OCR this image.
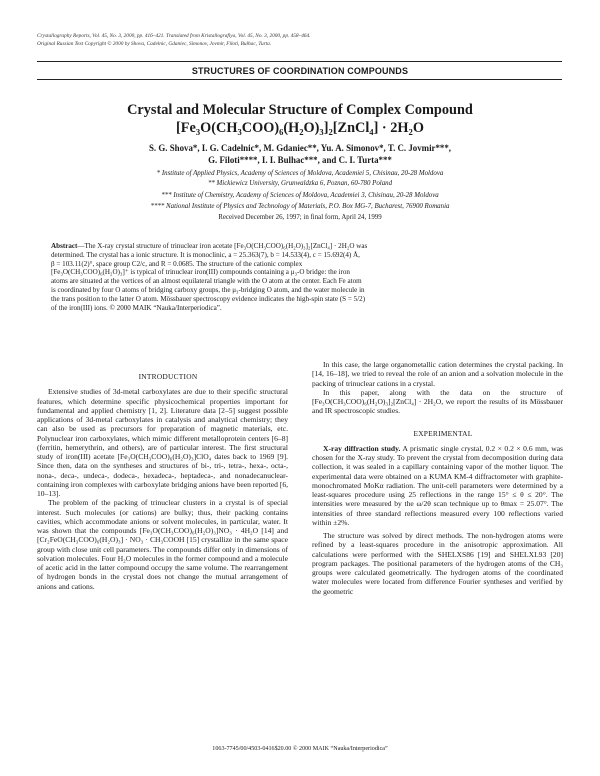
Crystallography Reports, Vol. 45, No. 3, 2000, pp. 416–421. Translated from Kristallografiya, Vol. 45, No. 3, 2000, pp. 458–464.
Original Russian Text Copyright © 2000 by Shova, Cadelnic, Gdaniec, Simonov, Jovmir, Filoti, Bulhac, Turta.
STRUCTURES OF COORDINATION COMPOUNDS
Crystal and Molecular Structure of Complex Compound
[Fe₃O(CH₃COO)₆(H₂O)₃]₂[ZnCl₄] · 2H₂O
S. G. Shova*, I. G. Cadelnic*, M. Gdaniec**, Yu. A. Simonov*, T. C. Jovmir***,
G. Filoti****, I. I. Bulhac***, and C. I. Turta***
* Institute of Applied Physics, Academy of Sciences of Moldova, Academiei 5, Chisinau, 20-28 Moldova
** Mickiewicz University, Grunwaldzka 6, Poznan, 60-780 Poland
*** Institute of Chemistry, Academy of Sciences of Moldova, Academiei 3, Chisinau, 20-28 Moldova
**** National Institute of Physics and Technology of Materials, P.O. Box MG-7, Bucharest, 76900 Romania
Received December 26, 1997; in final form, April 24, 1999
Abstract—The X-ray crystal structure of trinuclear iron acetate [Fe₃O(CH₃COO)₆(H₂O)₃]₂[ZnCl₄] · 2H₂O was
determined. The crystal has a ionic structure. It is monoclinic, a = 25.363(7), b = 14.533(4), c = 15.692(4) Å,
β = 103.11(2)°, space group C2/c, and R = 0.0685. The structure of the cationic complex
[Fe₃O(CH₃COO)₆(H₂O)₃]⁺ is typical of trinuclear iron(III) compounds containing a μ₃-O bridge: the iron
atoms are situated at the vertices of an almost equilateral triangle with the O atom at the center. Each Fe atom
is coordinated by four O atoms of bridging carboxy groups, the μ₃-bridging O atom, and the water molecule in
the trans position to the latter O atom. Mössbauer spectroscopy evidence indicates the high-spin state (S = 5/2)
of the iron(III) ions. © 2000 MAIK “Nauka/Interperiodica”.

INTRODUCTION

Extensive studies of 3d-metal carboxylates are due to their specific structural features, which determine specific physicochemical properties important for fundamental and applied chemistry [1, 2]. Literature data [2–5] suggest possible applications of 3d-metal carboxylates in catalysis and analytical chemistry; they can also be used as precursors for preparation of magnetic materials, etc. Polynuclear iron carboxylates, which mimic different metalloprotein centers [6–8] (ferritin, hemerythrin, and others), are of particular interest. The first structural study of iron(III) acetate [Fe₃O(CH₃COO)₆(H₂O)₃]ClO₄ dates back to 1969 [9]. Since then, data on the syntheses and structures of bi-, tri-, tetra-, hexa-, octa-, nona-, deca-, undeca-, dodeca-, hexadeca-, heptadeca-, and nonadecanuclear-containing iron complexes with carboxylate bridging anions have been reported [6, 10–13].

The problem of the packing of trinuclear clusters in a crystal is of special interest. Such molecules (or cations) are bulky; thus, their packing contains cavities, which accommodate anions or solvent molecules, in particular, water. It was shown that the compounds [Fe₃O(CH₃COO)₆(H₂O)₃]NO₃ · 4H₂O [14] and [Cr₂FeO(CH₃COO)₆(H₂O)₃] · NO₃ · CH₃COOH [15] crystallize in the same space group with close unit cell parameters. The compounds differ only in dimensions of solvation molecules. Four H₂O molecules in the former compound and a molecule of acetic acid in the latter compound occupy the same volume. The rearrangement of hydrogen bonds in the crystal does not change the mutual arrangement of anions and cations.

In this case, the large organometallic cation determines the crystal packing. In [14, 16–18], we tried to reveal the role of an anion and a solvation molecule in the packing of trinuclear cations in a crystal.

In this paper, along with the data on the structure of [Fe₃O(CH₃COO)₆(H₂O)₃]₂[ZnCl₄] · 2H₂O, we report the results of its Mössbauer and IR spectroscopic studies.

EXPERIMENTAL

X-ray diffraction study. A prismatic single crystal, 0.2 × 0.2 × 0.6 mm, was chosen for the X-ray study. To prevent the crystal from decomposition during data collection, it was sealed in a capillary containing vapor of the mother liquor. The experimental data were obtained on a KUMA KM-4 diffractometer with graphite-monochromated MoKα radiation. The unit-cell parameters were determined by a least-squares procedure using 25 reflections in the range 15° ≤ θ ≤ 20°. The intensities were measured by the ω/2θ scan technique up to θmax = 25.07°. The intensities of three standard reflections measured every 100 reflections varied within ±2%.

The structure was solved by direct methods. The non-hydrogen atoms were refined by a least-squares procedure in the anisotropic approximation. All calculations were performed with the SHELXS86 [19] and SHELXL93 [20] program packages. The positional parameters of the hydrogen atoms of the CH₃ groups were calculated geometrically. The hydrogen atoms of the coordinated water molecules were located from difference Fourier syntheses and verified by the geometric

1063-7745/00/4503-0416$20.00 © 2000 MAIK “Nauka/Interperiodica”
